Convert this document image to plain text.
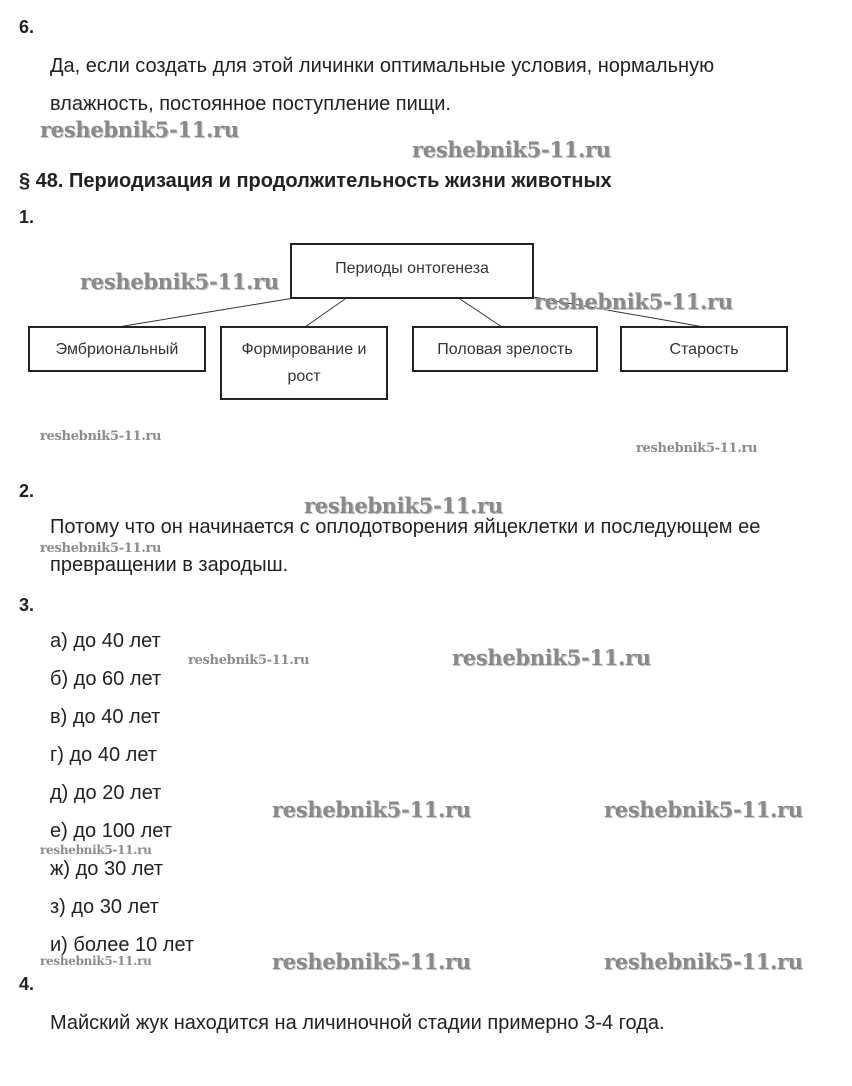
6.
Да, если создать для этой личинки оптимальные условия, нормальную
влажность, постоянное поступление пищи.
§ 48. Периодизация и продолжительность жизни животных
1.
Периоды онтогенеза
Эмбриональный	Формирование и рост
Половая зрелость	Старость
2.
Потому что он начинается с оплодотворения яйцеклетки и последующем ее
превращении в зародыш.
3.
а) до 40 лет
б) до 60 лет
в) до 40 лет
г) до 40 лет
д) до 20 лет
е) до 100 лет
ж) до 30 лет
з) до 30 лет
и) более 10 лет
4.
Майский жук находится на личиночной стадии примерно 3-4 года.
reshebnik5-11.ru
reshebnik5-11.ru
reshebnik5-11.ru
reshebnik5-11.ru
reshebnik5-11.ru
reshebnik5-11.ru
reshebnik5-11.ru
reshebnik5-11.ru
reshebnik5-11.ru	reshebnik5-11.ru
reshebnik5-11.ru	reshebnik5-11.ru
reshebnik5-11.ru
reshebnik5-11.ru	reshebnik5-11.ru	reshebnik5-11.ru
